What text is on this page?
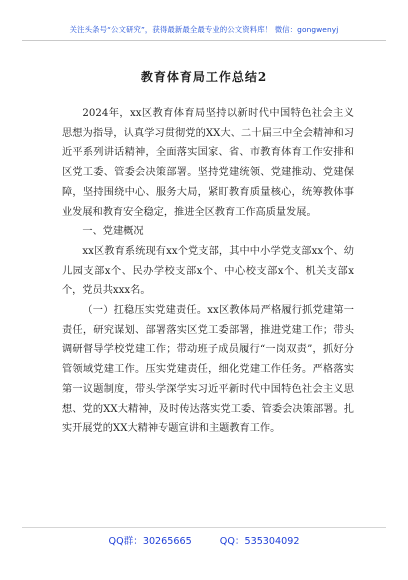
关注头条号“公文研究”，获得最新最全最专业的公文资料库！ 微信：gongwenyj
教育体育局工作总结2

2024年，xx区教育体育局坚持以新时代中国特色社会主义思想为指导，认真学习贯彻党的XX大、二十届三中全会精神和习近平系列讲话精神，全面落实国家、省、市教育体育工作安排和区党工委、管委会决策部署。坚持党建统领、党建推动、党建保障，坚持围绕中心、服务大局，紧盯教育质量核心，统筹教体事业发展和教育安全稳定，推进全区教育工作高质量发展。

一、党建概况

xx区教育系统现有xx个党支部，其中中小学党支部xx个、幼儿园支部x个、民办学校支部x个、中心校支部x个、机关支部x个，党员共xxx名。

（一）扛稳压实党建责任。xx区教体局严格履行抓党建第一责任，研究谋划、部署落实区党工委部署，推进党建工作；带头调研督导学校党建工作；带动班子成员履行“一岗双责”，抓好分管领域党建工作。压实党建责任，细化党建工作任务。严格落实第一议题制度，带头学深学实习近平新时代中国特色社会主义思想、党的XX大精神，及时传达落实党工委、管委会决策部署。扎实开展党的XX大精神专题宣讲和主题教育工作。

QQ群：30265665	QQ：535304092
